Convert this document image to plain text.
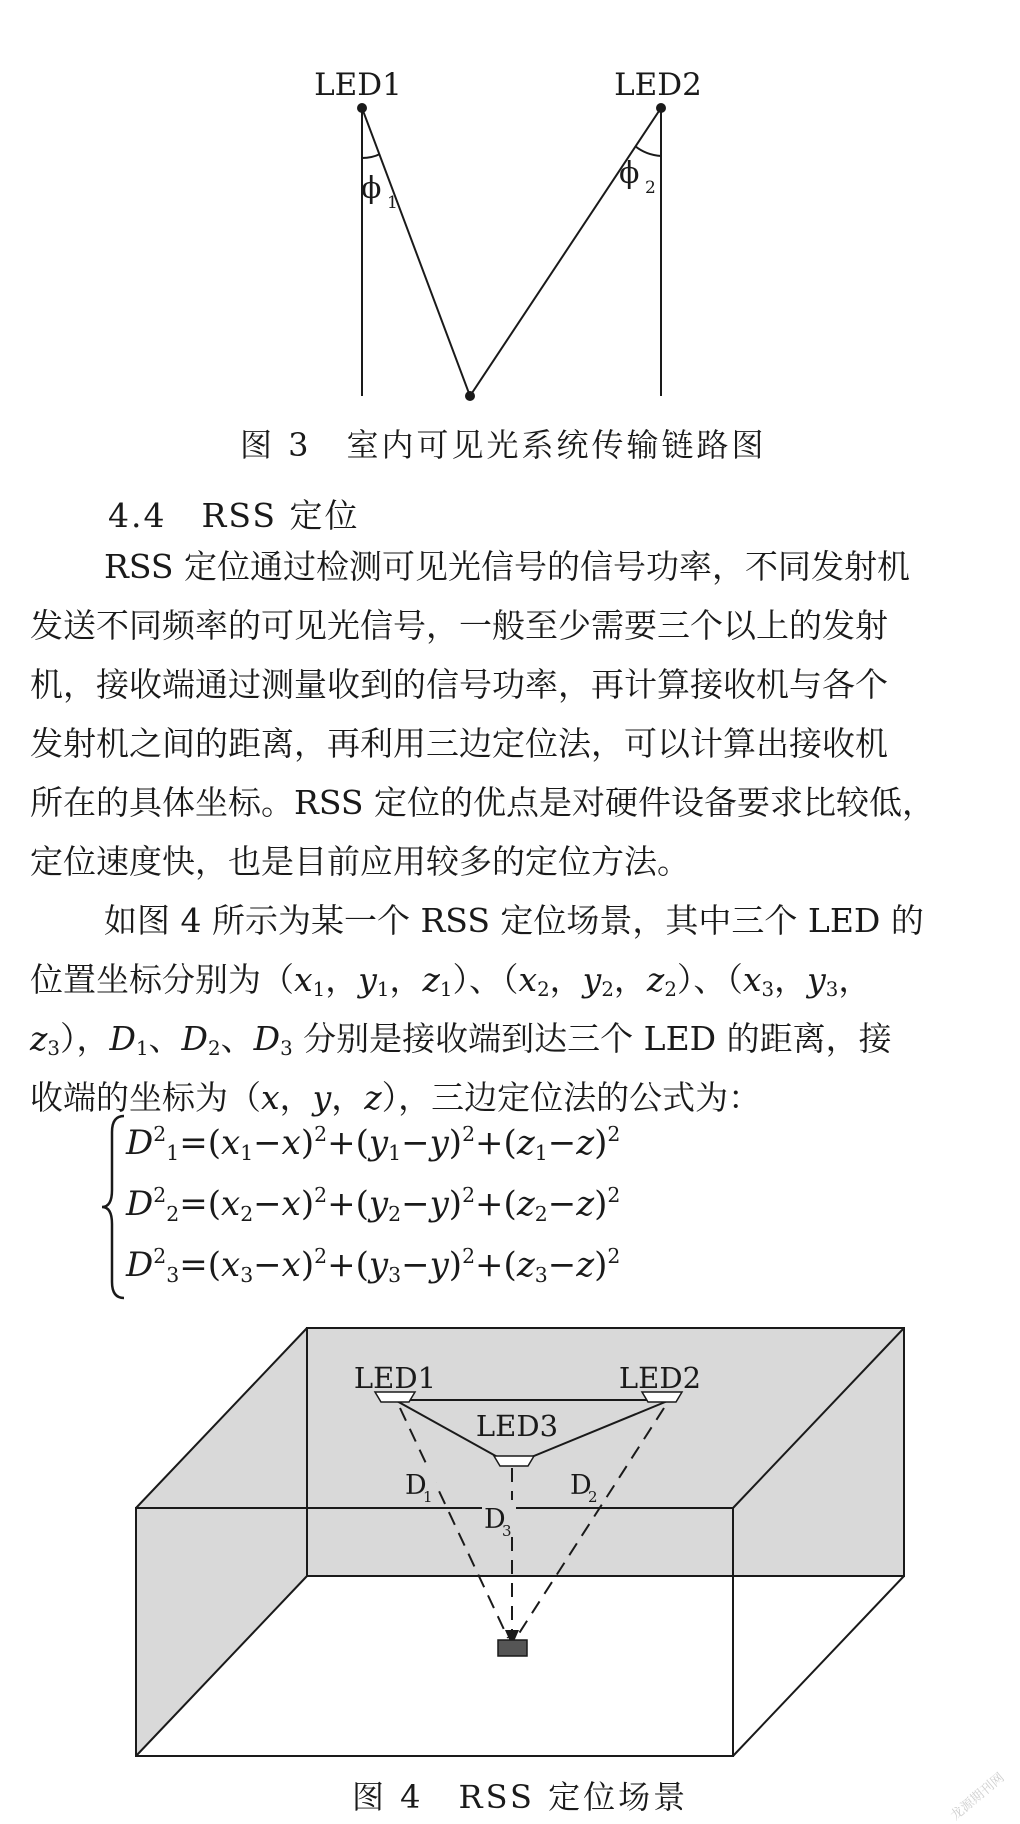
LED1	LED2
ϕ 1
ϕ 2
图 3　室内可见光系统传输链路图
4.4　RSS 定位
RSS 定位通过检测可见光信号的信号功率，不同发射机
发送不同频率的可见光信号，一般至少需要三个以上的发射
机，接收端通过测量收到的信号功率，再计算接收机与各个
发射机之间的距离，再利用三边定位法，可以计算出接收机
所在的具体坐标。RSS 定位的优点是对硬件设备要求比较低，
定位速度快，也是目前应用较多的定位方法。
如图 4 所示为某一个 RSS 定位场景，其中三个 LED 的
位置坐标分别为（$x_1$，$y_1$，$z_1$）、（$x_2$，$y_2$，$z_2$）、（$x_3$，$y_3$，
$z_3$），$D_1$、$D_2$、$D_3$ 分别是接收端到达三个 LED 的距离，接
收端的坐标为（x，y，z），三边定位法的公式为：
$D^2_1=(x_1-x)^2+(y_1-y)^2+(z_1-z)^2$
$D^2_2=(x_2-x)^2+(y_2-y)^2+(z_2-z)^2$
$D^2_3=(x_3-x)^2+(y_3-y)^2+(z_3-z)^2$
LED1	LED2
LED3
D
1	D
2
D
3
图 4　RSS 定位场景	龙源期刊网
